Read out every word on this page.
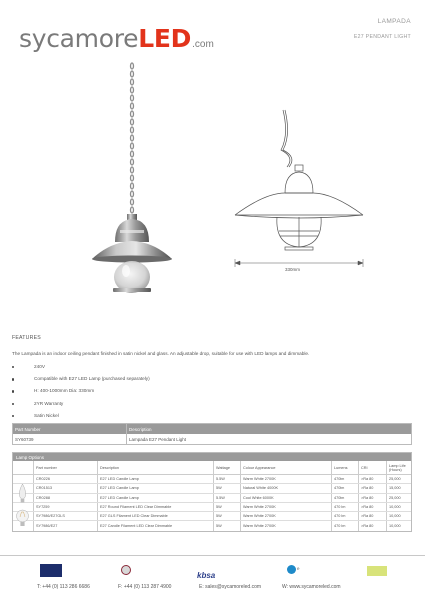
sycamore LED .com
LAMPADA
E27 PENDANT LIGHT
330mm
FEATURES
The Lampada is an indoor ceiling pendant finished in satin nickel and glass. An adjustable drop, suitable for use with LED lamps and dimmable.
240V
Compatible with E27 LED Lamp (purchased separately)
H: 400-1000mm Dia: 330mm
2YR Warranty
Satin Nickel
Part Number	Description
SY60739	Lampada E27 Pendant Light
Lamp Options
Part number	Description	Wattage	Colour Appearance	Lumens	CRI	Lamp Life
(Hours)
CR0226	E27 LED Candle Lamp	5.5W	Warm White 2700K	470lm	>Ra 80	25,000
CR01513	E27 LED Candle Lamp	5W	Natural White 4000K	470lm	>Ra 80	15,000
CR0288	E27 LED Candle Lamp	5.5W	Cool White 6000K	470lm	>Ra 80	25,000
SY7259	E27 Round Filament LED Clear Dimmable	5W	Warm White 2700K	470 lm	>Ra 80	10,000
SY7986/E27GLS	E27 GLS Filament LED Clear Dimmable	5W	Warm White 2700K	470 lm	>Ra 80	10,000
SY7986/E27	E27 Candle Filament LED Clear Dimmable	5W	Warm White 2700K	470 lm	>Ra 80	10,000
kbsa
e
T: +44 (0) 113 286 6686	F: +44 (0) 113 287 4900	E: sales@sycamoreled.com	W: www.sycamoreled.com
